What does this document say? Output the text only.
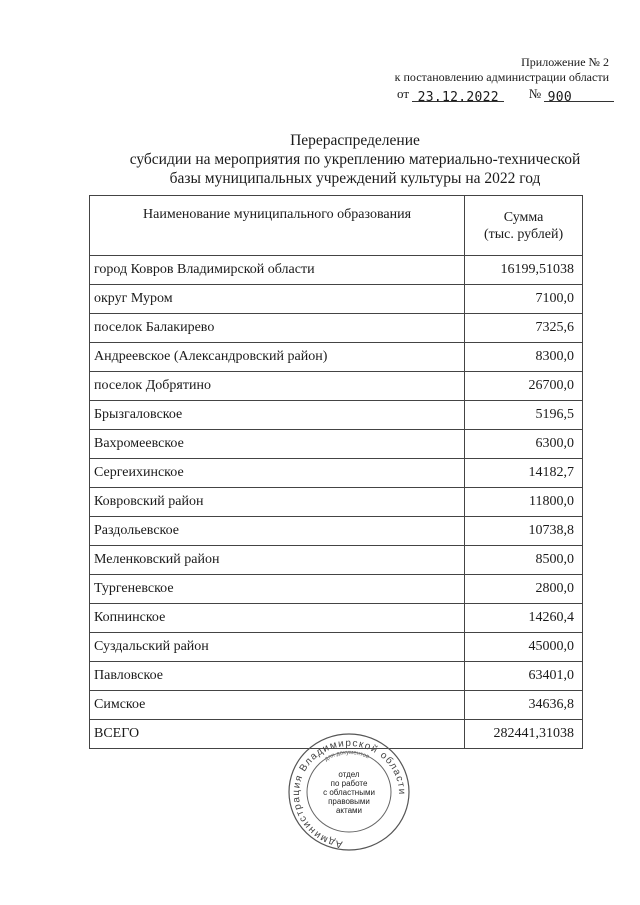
Приложение № 2
к постановлению администрации области
от 23.12.2022 № 900
Перераспределение
субсидии на мероприятия по укреплению материально-технической
базы муниципальных учреждений культуры на 2022 год
Наименование муниципального образования	Сумма
(тыс. рублей)

город Ковров Владимирской области	16199,51038
округ Муром	7100,0
поселок Балакирево	7325,6
Андреевское (Александровский район)	8300,0
поселок Добрятино	26700,0
Брызгаловское	5196,5
Вахромеевское	6300,0
Сергеихинское	14182,7
Ковровский район	11800,0
Раздольевское	10738,8
Меленковский район	8500,0
Тургеневское	2800,0
Копнинское	14260,4
Суздальский район	45000,0
Павловское	63401,0
Симское	34636,8
ВСЕГО	282441,31038
Администрация Владимирской области
для документов
отдел
по работе
с областными
правовыми
актами
